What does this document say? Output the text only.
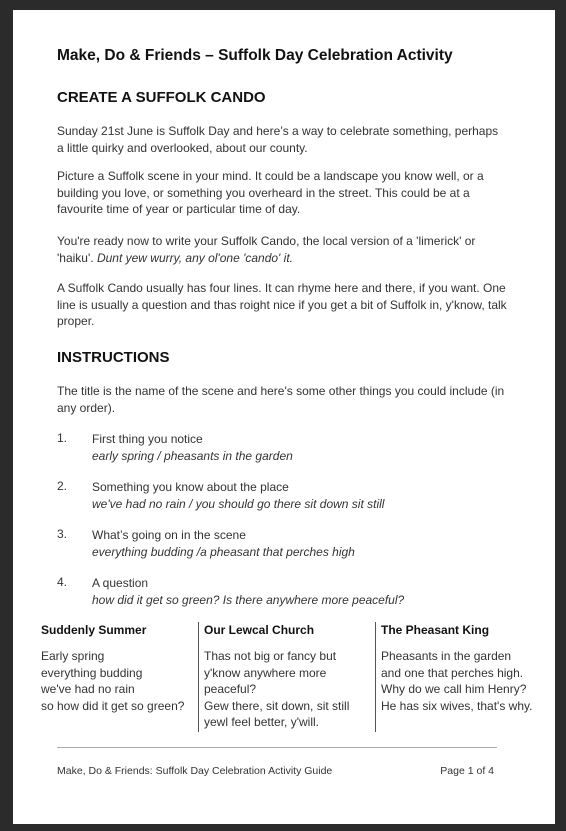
Make, Do & Friends – Suffolk Day Celebration Activity
CREATE A SUFFOLK CANDO
Sunday 21st June is Suffolk Day and here’s a way to celebrate something, perhaps a little quirky and overlooked, about our county.
Picture a Suffolk scene in your mind. It could be a landscape you know well, or a building you love, or something you overheard in the street. This could be at a favourite time of year or particular time of day.
You're ready now to write your Suffolk Cando, the local version of a 'limerick' or 'haiku'. Dunt yew wurry, any ol'one 'cando' it.
A Suffolk Cando usually has four lines. It can rhyme here and there, if you want. One line is usually a question and thas roight nice if you get a bit of Suffolk in, y'know, talk proper.
INSTRUCTIONS
The title is the name of the scene and here's some other things you could include (in any order).
1. First thing you notice
early spring / pheasants in the garden
2. Something you know about the place
we've had no rain / you should go there sit down sit still
3. What’s going on in the scene
everything budding /a pheasant that perches high
4. A question
how did it get so green? Is there anywhere more peaceful?
Suddenly Summer
Early spring
everything budding
we've had no rain
so how did it get so green?
Our Lewcal Church
Thas not big or fancy but
y'know anywhere more
peaceful?
Gew there, sit down, sit still
yewl feel better, y'will.
The Pheasant King
Pheasants in the garden
and one that perches high.
Why do we call him Henry?
He has six wives, that's why.
Make, Do & Friends: Suffolk Day Celebration Activity Guide	Page 1 of 4
